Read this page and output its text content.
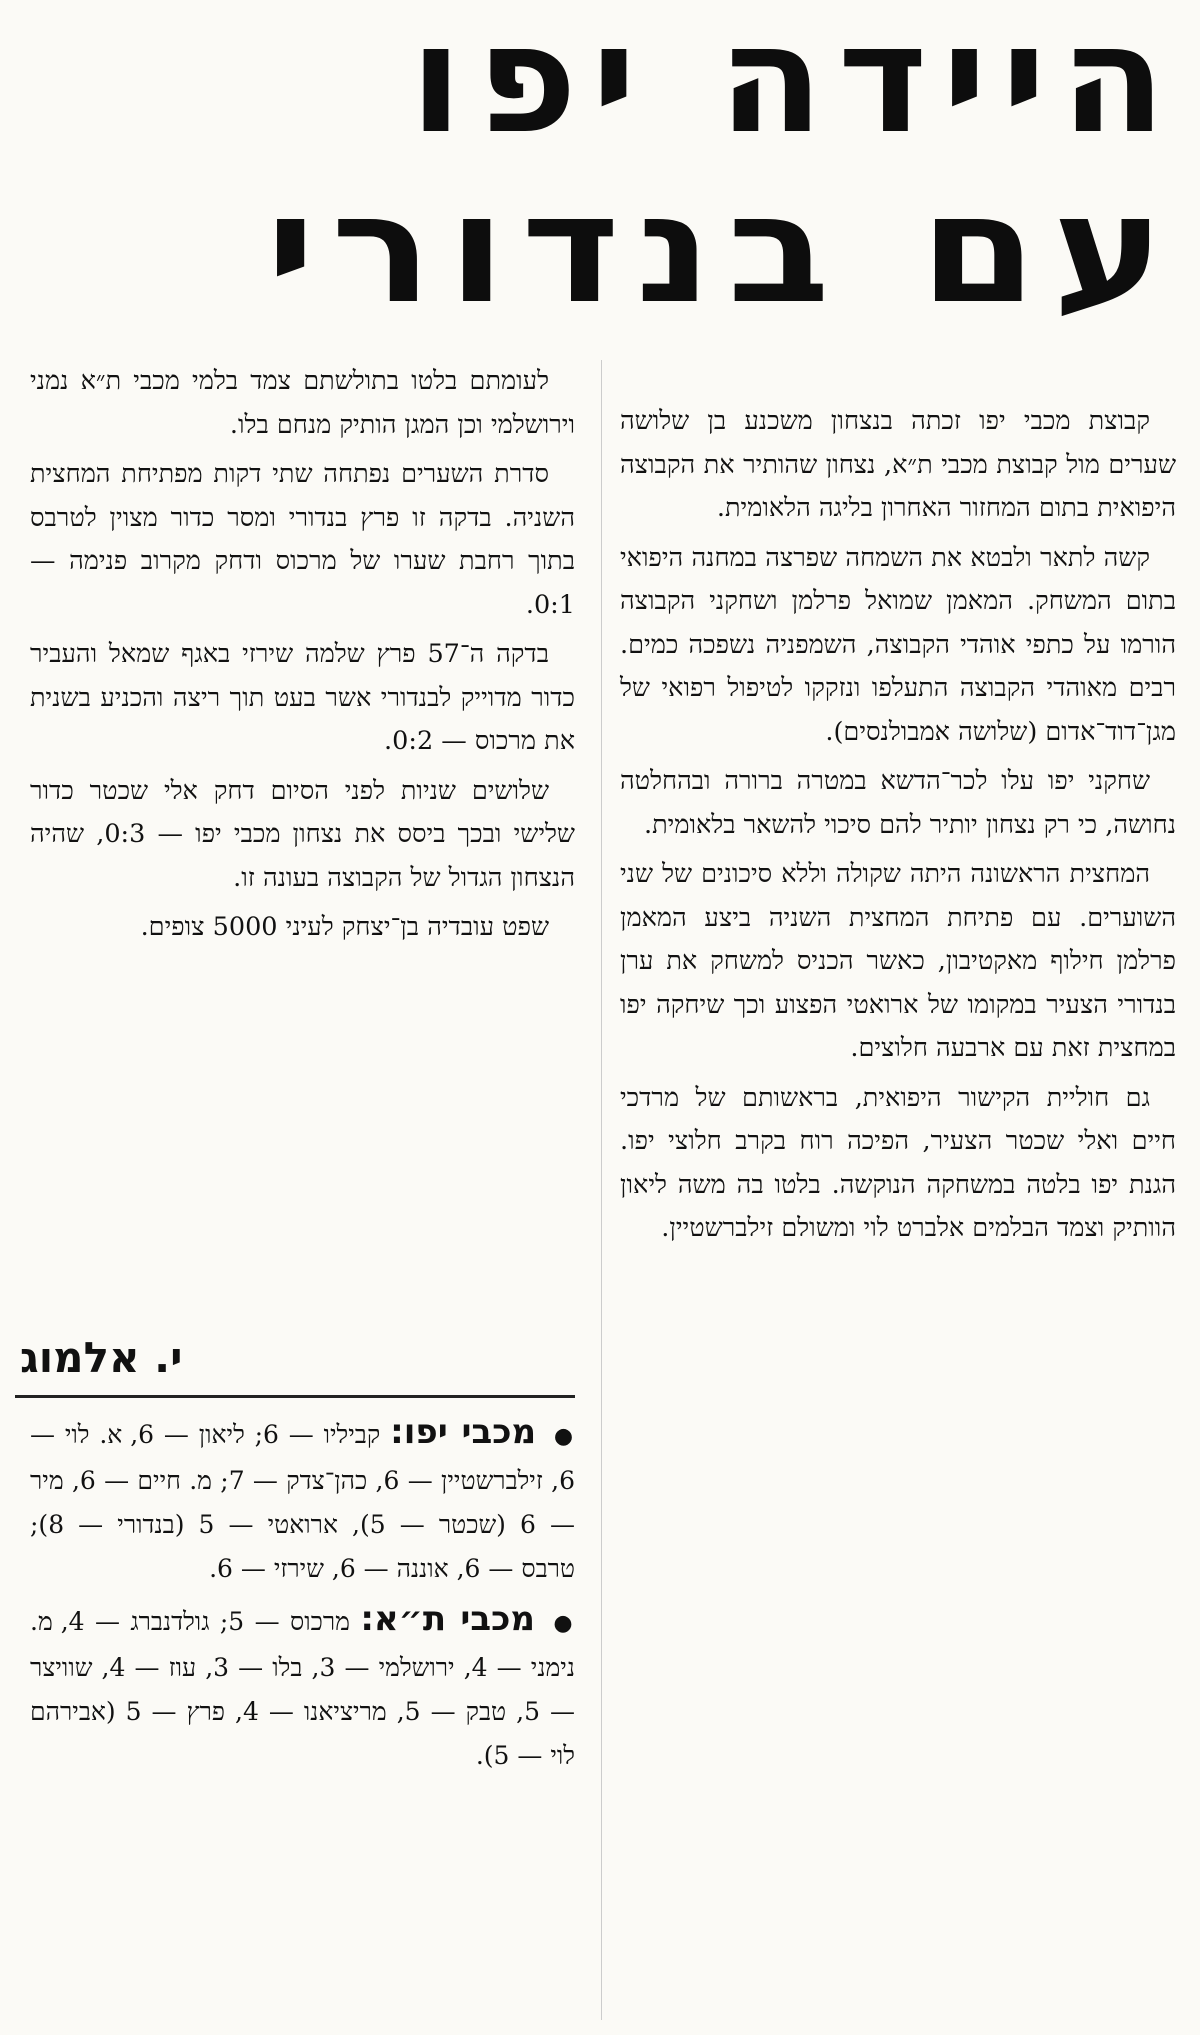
היידה יפו
עם בנדורי

קבוצת מכבי יפו זכתה בנצחון משכנע בן שלושה שערים מול קבוצת מכבי ת״א, נצחון שהותיר את הקבוצה היפואית בתום המחזור האחרון בליגה הלאומית.

קשה לתאר ולבטא את השמחה שפרצה במחנה היפואי בתום המשחק. המאמן שמואל פרלמן ושחקני הקבוצה הורמו על כתפי אוהדי הקבוצה, השמפניה נשפכה כמים. רבים מאוהדי הקבוצה התעלפו ונזקקו לטיפול רפואי של מגן־דוד־אדום (שלושה אמבולנסים).

שחקני יפו עלו לכר־הדשא במטרה ברורה ובהחלטה נחושה, כי רק נצחון יותיר להם סיכוי להשאר בלאומית.

המחצית הראשונה היתה שקולה וללא סיכונים של שני השוערים. עם פתיחת המחצית השניה ביצע המאמן פרלמן חילוף מאקטיבון, כאשר הכניס למשחק את ערן בנדורי הצעיר במקומו של ארואטי הפצוע וכך שיחקה יפו במחצית זאת עם ארבעה חלוצים.

גם חוליית הקישור היפואית, בראשותם של מרדכי חיים ואלי שכטר הצעיר, הפיכה רוח בקרב חלוצי יפו. הגנת יפו בלטה במשחקה הנוקשה. בלטו בה משה ליאון הוותיק וצמד הבלמים אלברט לוי ומשולם זילברשטיין.

לעומתם בלטו בתולשתם צמד בלמי מכבי ת״א נמני וירושלמי וכן המגן הותיק מנחם בלו.

סדרת השערים נפתחה שתי דקות מפתיחת המחצית השניה. בדקה זו פרץ בנדורי ומסר כדור מצוין לטרבס בתוך רחבת שערו של מרכוס ודחק מקרוב פנימה — 0:1.

בדקה ה־57 פרץ שלמה שירזי באגף שמאל והעביר כדור מדוייק לבנדורי אשר בעט תוך ריצה והכניע בשנית את מרכוס — 0:2.

שלושים שניות לפני הסיום דחק אלי שכטר כדור שלישי ובכך ביסס את נצחון מכבי יפו — 0:3, שהיה הנצחון הגדול של הקבוצה בעונה זו.

שפט עובדיה בן־יצחק לעיני 5000 צופים.

י. אלמוג

● מכבי יפו: קביליו — 6; ליאון — 6, א. לוי — 6, זילברשטיין — 6, כהן־צדק — 7; מ. חיים — 6, מיר — 6 (שכטר — 5), ארואטי — 5 (בנדורי — 8); טרבס — 6, אוננה — 6, שירזי — 6.

● מכבי ת״א: מרכוס — 5; גולדנברג — 4, מ. נימני — 4, ירושלמי — 3, בלו — 3, עוז — 4, שוויצר — 5, טבק — 5, מריציאנו — 4, פרץ — 5 (אבירהם לוי — 5).
